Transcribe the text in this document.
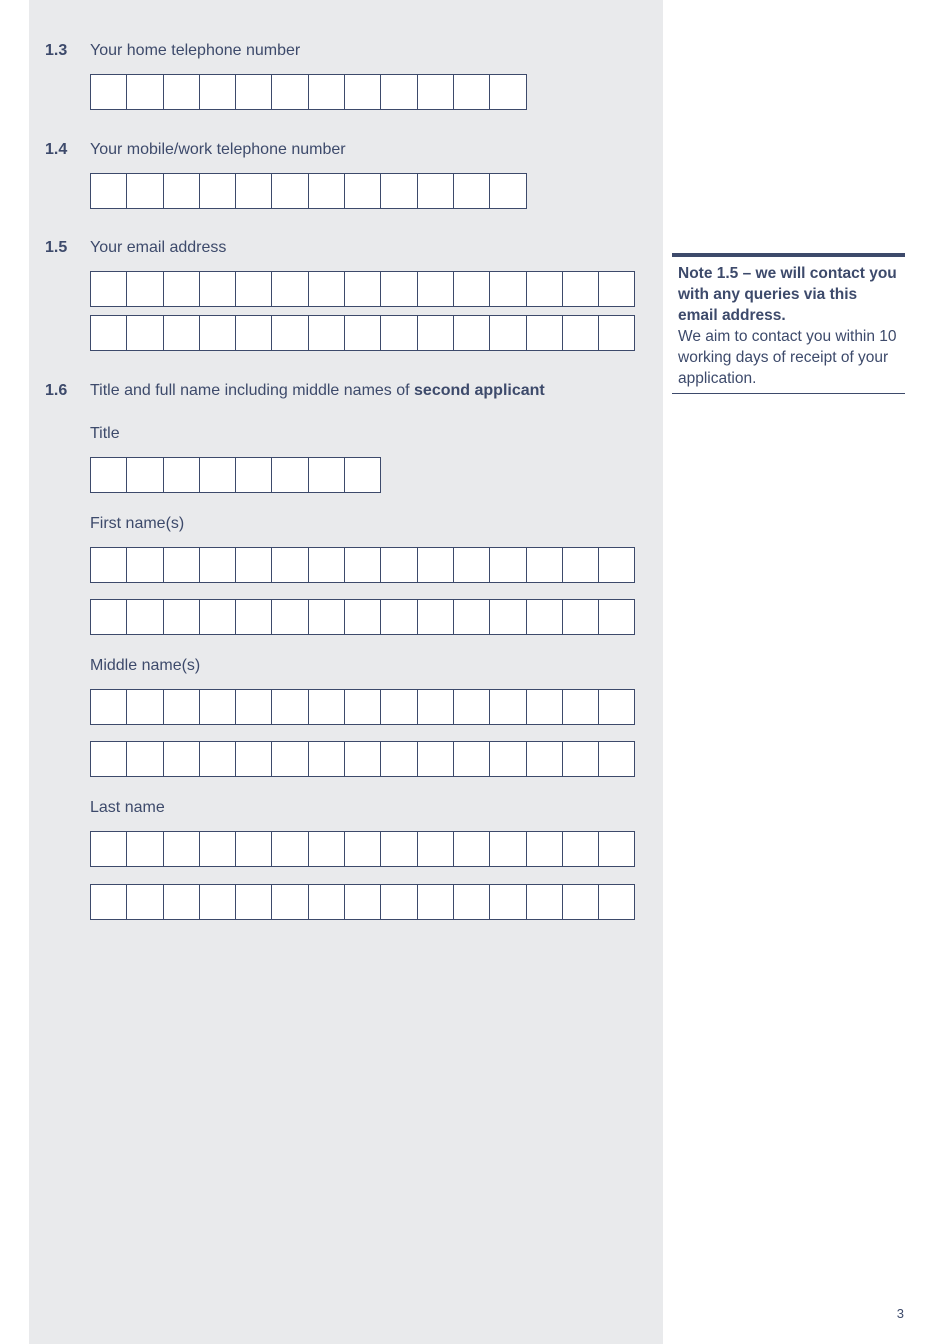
1.3 Your home telephone number
1.4 Your mobile/work telephone number
1.5 Your email address
1.6 Title and full name including middle names of second applicant
Title
First name(s)
Middle name(s)
Last name
Note 1.5 – we will contact you with any queries via this email address.
We aim to contact you within 10 working days of receipt of your application.
3
